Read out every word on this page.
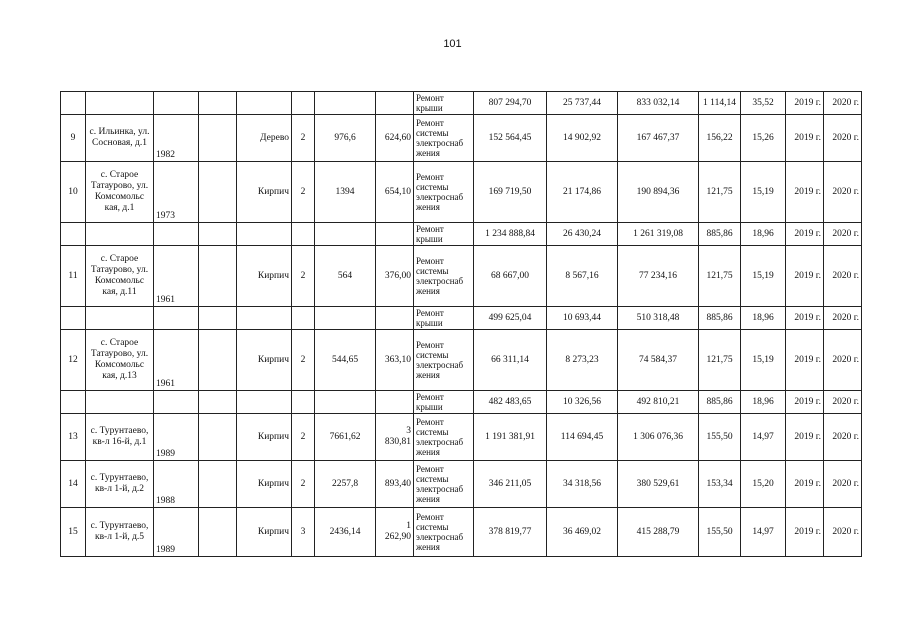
101
								Ремонт крыши	807 294,70	25 737,44	833 032,14	1 114,14	35,52	2019 г.	2020 г.
9	с. Ильинка, ул. Сосновая, д.1	1982		Дерево	2	976,6	624,60	Ремонт системы электроснаб жения	152 564,45	14 902,92	167 467,37	156,22	15,26	2019 г.	2020 г.
10	с. Старое Татаурово, ул. Комсомольс кая, д.1	1973		Кирпич	2	1394	654,10	Ремонт системы электроснаб жения	169 719,50	21 174,86	190 894,36	121,75	15,19	2019 г.	2020 г.
								Ремонт крыши	1 234 888,84	26 430,24	1 261 319,08	885,86	18,96	2019 г.	2020 г.
11	с. Старое Татаурово, ул. Комсомольс кая, д.11	1961		Кирпич	2	564	376,00	Ремонт системы электроснаб жения	68 667,00	8 567,16	77 234,16	121,75	15,19	2019 г.	2020 г.
								Ремонт крыши	499 625,04	10 693,44	510 318,48	885,86	18,96	2019 г.	2020 г.
12	с. Старое Татаурово, ул. Комсомольс кая, д.13	1961		Кирпич	2	544,65	363,10	Ремонт системы электроснаб жения	66 311,14	8 273,23	74 584,37	121,75	15,19	2019 г.	2020 г.
								Ремонт крыши	482 483,65	10 326,56	492 810,21	885,86	18,96	2019 г.	2020 г.
13	с. Турунтаево, кв-л 16-й, д.1	1989		Кирпич	2	7661,62	3 830,81	Ремонт системы электроснаб жения	1 191 381,91	114 694,45	1 306 076,36	155,50	14,97	2019 г.	2020 г.
14	с. Турунтаево, кв-л 1-й, д.2	1988		Кирпич	2	2257,8	893,40	Ремонт системы электроснаб жения	346 211,05	34 318,56	380 529,61	153,34	15,20	2019 г.	2020 г.
15	с. Турунтаево, кв-л 1-й, д.5	1989		Кирпич	3	2436,14	1 262,90	Ремонт системы электроснаб жения	378 819,77	36 469,02	415 288,79	155,50	14,97	2019 г.	2020 г.
